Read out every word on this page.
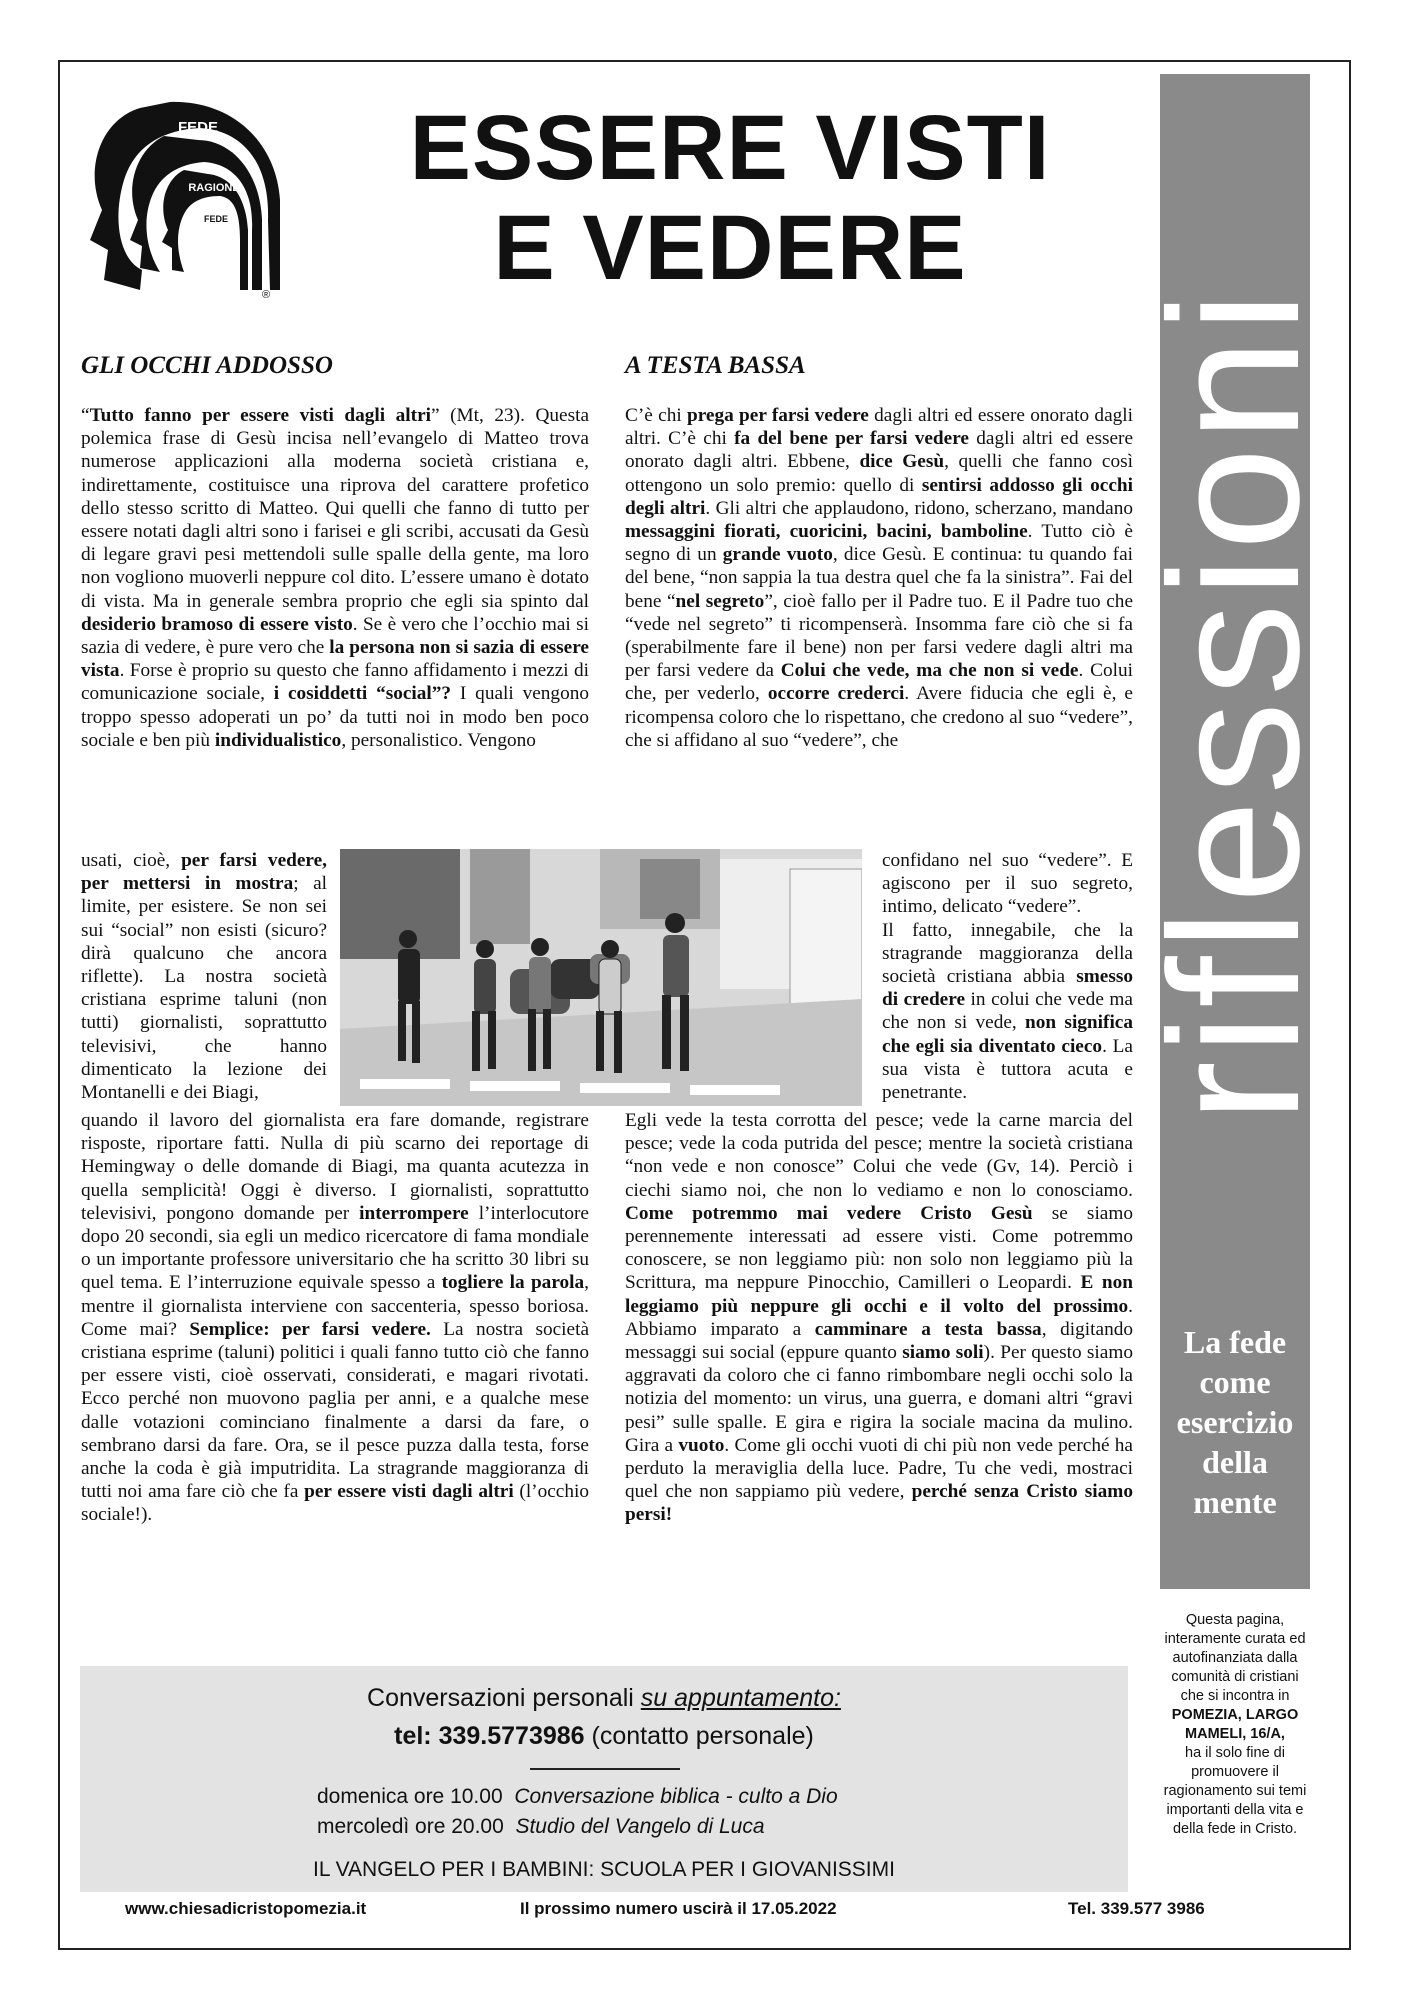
FEDE
RAGIONE
RAGIONE
FEDE
®
ESSERE VISTI
E VEDERE
riflessioni
La fede
come
esercizio
della
mente
GLI OCCHI ADDOSSO	A TESTA BASSA
“Tutto fanno per essere visti dagli altri” (Mt, 23). Questa polemica frase di Gesù incisa nell’evangelo di Matteo trova numerose applicazioni alla moderna società cristiana e, indirettamente, costituisce una riprova del carattere profetico dello stesso scritto di Matteo. Qui quelli che fanno di tutto per essere notati dagli altri sono i farisei e gli scribi, accusati da Gesù di legare gravi pesi mettendoli sulle spalle della gente, ma loro non vogliono muoverli neppure col dito. L’essere umano è dotato di vista. Ma in generale sembra proprio che egli sia spinto dal desiderio bramoso di essere visto. Se è vero che l’occhio mai si sazia di vedere, è pure vero che la persona non si sazia di essere vista. Forse è proprio su questo che fanno affidamento i mezzi di comunicazione sociale, i cosiddetti “social”? I quali vengono troppo spesso adoperati un po’ da tutti noi in modo ben poco sociale e ben più individualistico, personalistico. Vengono
usati, cioè, per farsi vedere, per mettersi in mostra; al limite, per esistere. Se non sei sui “social” non esisti (sicuro? dirà qualcuno che ancora riflette). La nostra società cristiana esprime taluni (non tutti) giornalisti, soprattutto televisivi, che hanno dimenticato la lezione dei Montanelli e dei Biagi,
quando il lavoro del giornalista era fare domande, registrare risposte, riportare fatti. Nulla di più scarno dei reportage di Hemingway o delle domande di Biagi, ma quanta acutezza in quella semplicità! Oggi è diverso. I giornalisti, soprattutto televisivi, pongono domande per interrompere l’interlocutore dopo 20 secondi, sia egli un medico ricercatore di fama mondiale o un importante professore universitario che ha scritto 30 libri su quel tema. E l’interruzione equivale spesso a togliere la parola, mentre il giornalista interviene con saccenteria, spesso boriosa. Come mai? Semplice: per farsi vedere. La nostra società cristiana esprime (taluni) politici i quali fanno tutto ciò che fanno per essere visti, cioè osservati, considerati, e magari rivotati. Ecco perché non muovono paglia per anni, e a qualche mese dalle votazioni cominciano finalmente a darsi da fare, o sembrano darsi da fare. Ora, se il pesce puzza dalla testa, forse anche la coda è già imputridita. La stragrande maggioranza di tutti noi ama fare ciò che fa per essere visti dagli altri (l’occhio sociale!).
C’è chi prega per farsi vedere dagli altri ed essere onorato dagli altri. C’è chi fa del bene per farsi vedere dagli altri ed essere onorato dagli altri. Ebbene, dice Gesù, quelli che fanno così ottengono un solo premio: quello di sentirsi addosso gli occhi degli altri. Gli altri che applaudono, ridono, scherzano, mandano messaggini fiorati, cuoricini, bacini, bamboline. Tutto ciò è segno di un grande vuoto, dice Gesù. E continua: tu quando fai del bene, “non sappia la tua destra quel che fa la sinistra”. Fai del bene “nel segreto”, cioè fallo per il Padre tuo. E il Padre tuo che “vede nel segreto” ti ricompenserà. Insomma fare ciò che si fa (sperabilmente fare il bene) non per farsi vedere dagli altri ma per farsi vedere da Colui che vede, ma che non si vede. Colui che, per vederlo, occorre crederci. Avere fiducia che egli è, e ricompensa coloro che lo rispettano, che credono al suo “vedere”, che si affidano al suo “vedere”, che
confidano nel suo “vedere”. E agiscono per il suo segreto, intimo, delicato “vedere”.
Il fatto, innegabile, che la stragrande maggioranza della società cristiana abbia smesso di credere in colui che vede ma che non si vede, non significa che egli sia diventato cieco. La sua vista è tuttora acuta e penetrante.
Egli vede la testa corrotta del pesce; vede la carne marcia del pesce; vede la coda putrida del pesce; mentre la società cristiana “non vede e non conosce” Colui che vede (Gv, 14). Perciò i ciechi siamo noi, che non lo vediamo e non lo conosciamo. Come potremmo mai vedere Cristo Gesù se siamo perennemente interessati ad essere visti. Come potremmo conoscere, se non leggiamo più: non solo non leggiamo più la Scrittura, ma neppure Pinocchio, Camilleri o Leopardi. E non leggiamo più neppure gli occhi e il volto del prossimo. Abbiamo imparato a camminare a testa bassa, digitando messaggi sui social (eppure quanto siamo soli). Per questo siamo aggravati da coloro che ci fanno rimbombare negli occhi solo la notizia del momento: un virus, una guerra, e domani altri “gravi pesi” sulle spalle. E gira e rigira la sociale macina da mulino. Gira a vuoto. Come gli occhi vuoti di chi più non vede perché ha perduto la meraviglia della luce. Padre, Tu che vedi, mostraci quel che non sappiamo più vedere, perché senza Cristo siamo persi!
Conversazioni personali su appuntamento:
tel: 339.5773986 (contatto personale)
domenica ore 10.00 Conversazione biblica - culto a Dio
mercoledì ore 20.00 Studio del Vangelo di Luca
IL VANGELO PER I BAMBINI: SCUOLA PER I GIOVANISSIMI
Questa pagina, interamente curata ed autofinanziata dalla comunità di cristiani che si incontra in
POMEZIA, LARGO MAMELI, 16/A,
ha il solo fine di promuovere il ragionamento sui temi importanti della vita e della fede in Cristo.
www.chiesadicristopomezia.it	Il prossimo numero uscirà il 17.05.2022	Tel. 339.577 3986
